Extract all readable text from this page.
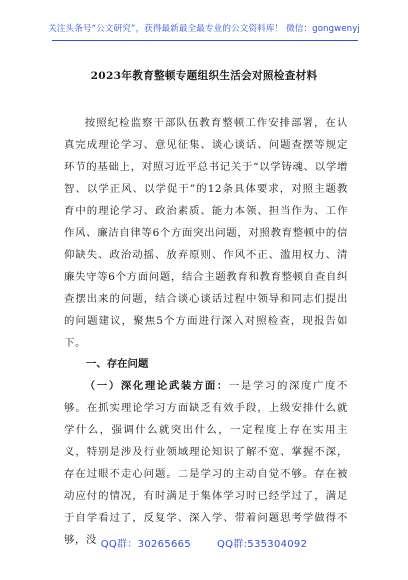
关注头条号“公文研究”，获得最新最全最专业的公文资料库！ 微信：gongwenyj
2023年教育整顿专题组织生活会对照检查材料

按照纪检监察干部队伍教育整顿工作安排部署，在认真完成理论学习、意见征集、谈心谈话、问题查摆等规定环节的基础上，对照习近平总书记关于“以学铸魂、以学增智、以学正风、以学促干”的12条具体要求，对照主题教育中的理论学习、政治素质、能力本领、担当作为、工作作风、廉洁自律等6个方面突出问题，对照教育整顿中的信仰缺失、政治动摇、放弃原则、作风不正、滥用权力、清廉失守等6个方面问题，结合主题教育和教育整顿自查自纠查摆出来的问题，结合谈心谈话过程中领导和同志们提出的问题建议，聚焦5个方面进行深入对照检查，现报告如下。

一、存在问题

（一）深化理论武装方面：一是学习的深度广度不够。在抓实理论学习方面缺乏有效手段，上级安排什么就学什么，强调什么就突出什么，一定程度上存在实用主义，特别是涉及行业领域理论知识了解不宽、掌握不深，存在过眼不走心问题。二是学习的主动自觉不够。存在被动应付的情况，有时满足于集体学习时已经学过了，满足于自学看过了，反复学、深入学、带着问题思考学做得不够，没 QQ群：30265665	QQ群:535304092
